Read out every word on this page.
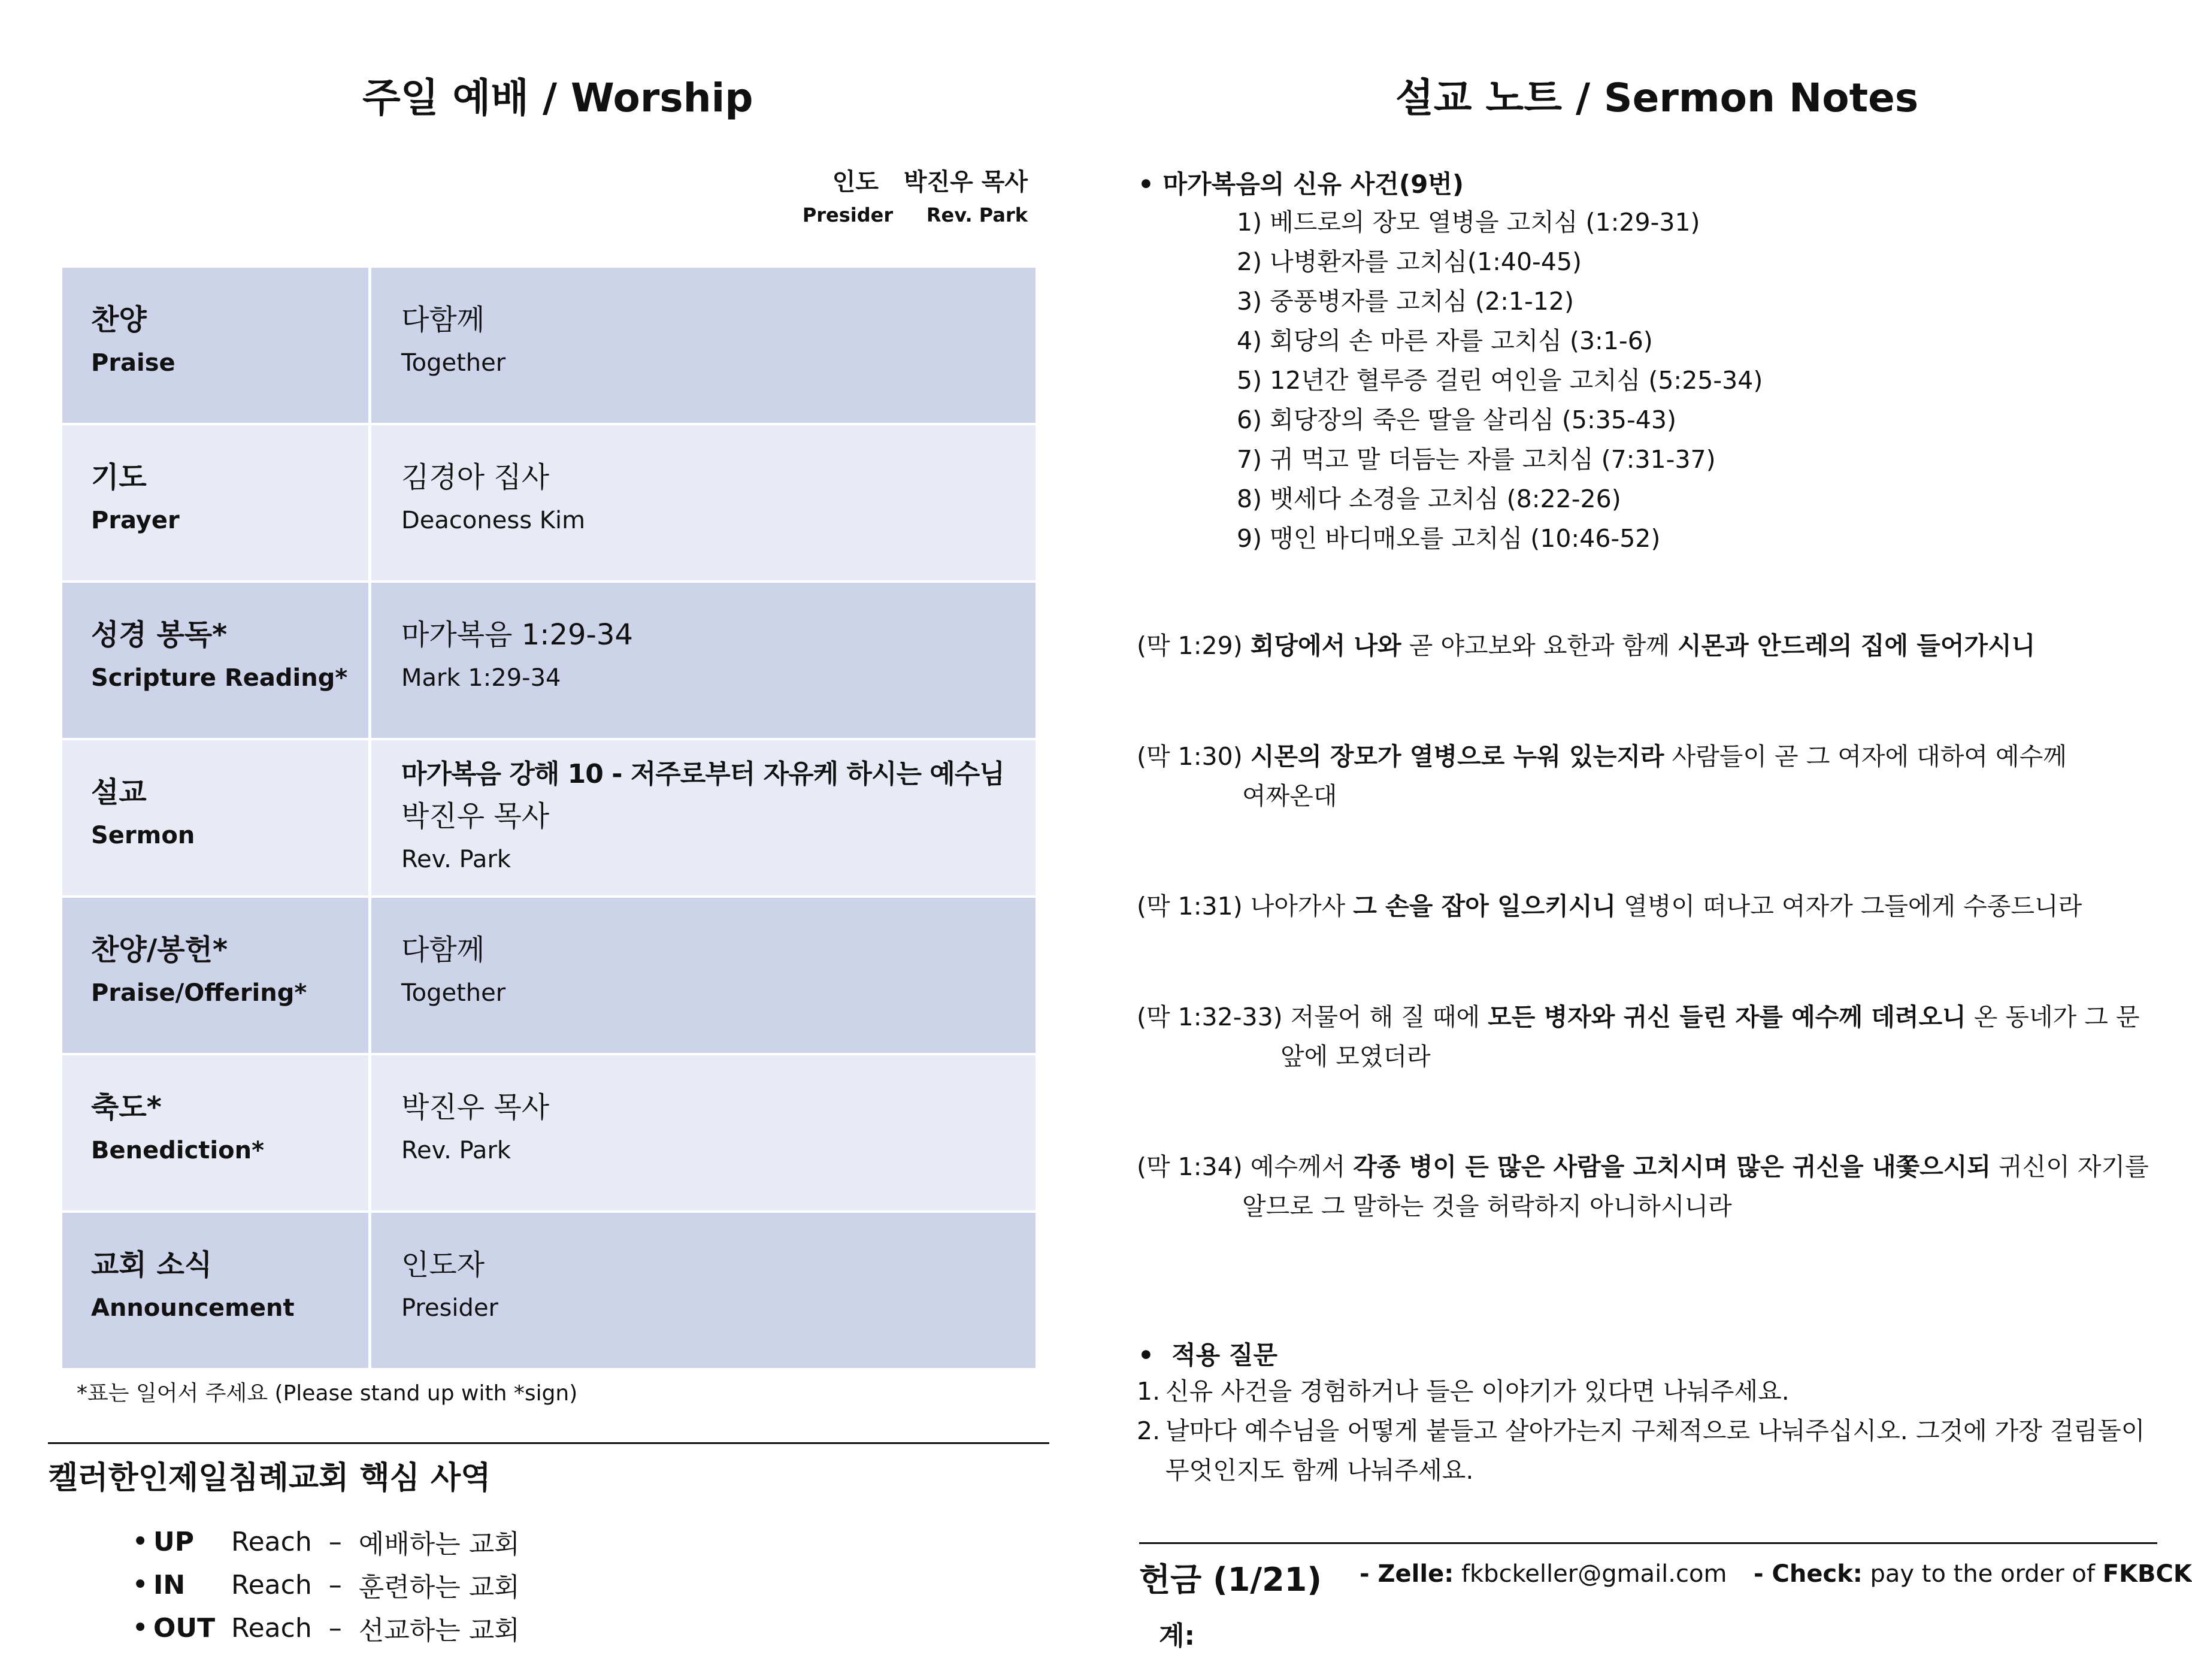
주일 예배 / Worship
인도 박진우 목사
Presider Rev. Park
찬양
Praise
다함께
Together
기도
Prayer
김경아 집사
Deaconess Kim
성경 봉독*
Scripture Reading*
마가복음 1:29-34
Mark 1:29-34
설교
Sermon
마가복음 강해 10 - 저주로부터 자유케 하시는 예수님
박진우 목사
Rev. Park
찬양/봉헌*
Praise/Offering*
다함께
Together
축도*
Benediction*
박진우 목사
Rev. Park
교회 소식
Announcement
인도자
Presider
*표는 일어서 주세요 (Please stand up with *sign)
켈러한인제일침례교회 핵심 사역
• UP	Reach
–
예배하는 교회
• IN	Reach
–
훈련하는 교회
• OUT Reach
–
선교하는 교회
설교 노트 / Sermon Notes
• 마가복음의 신유 사건(9번)
1) 베드로의 장모 열병을 고치심 (1:29-31)
2) 나병환자를 고치심(1:40-45)
3) 중풍병자를 고치심 (2:1-12)
4) 회당의 손 마른 자를 고치심 (3:1-6)
5) 12년간 혈루증 걸린 여인을 고치심 (5:25-34)
6) 회당장의 죽은 딸을 살리심 (5:35-43)
7) 귀 먹고 말 더듬는 자를 고치심 (7:31-37)
8) 뱃세다 소경을 고치심 (8:22-26)
9) 맹인 바디매오를 고치심 (10:46-52)
(막 1:29) 회당에서 나와 곧 야고보와 요한과 함께 시몬과 안드레의 집에 들어가시니
(막 1:30) 시몬의 장모가 열병으로 누워 있는지라 사람들이 곧 그 여자에 대하여 예수께
여짜온대
(막 1:31) 나아가사 그 손을 잡아 일으키시니 열병이 떠나고 여자가 그들에게 수종드니라
(막 1:32-33) 저물어 해 질 때에 모든 병자와 귀신 들린 자를 예수께 데려오니 온 동네가 그 문
앞에 모였더라
(막 1:34) 예수께서 각종 병이 든 많은 사람을 고치시며 많은 귀신을 내쫓으시되 귀신이 자기를
알므로 그 말하는 것을 허락하지 아니하시니라
• 적용 질문
1. 신유 사건을 경험하거나 들은 이야기가 있다면 나눠주세요.
2. 날마다 예수님을 어떻게 붙들고 살아가는지 구체적으로 나눠주십시오. 그것에 가장 걸림돌이 무엇인지도 함께 나눠주세요.
헌금 (1/21) - Zelle: fkbckeller@gmail.com - Check: pay to the order of FKBCK
계:
